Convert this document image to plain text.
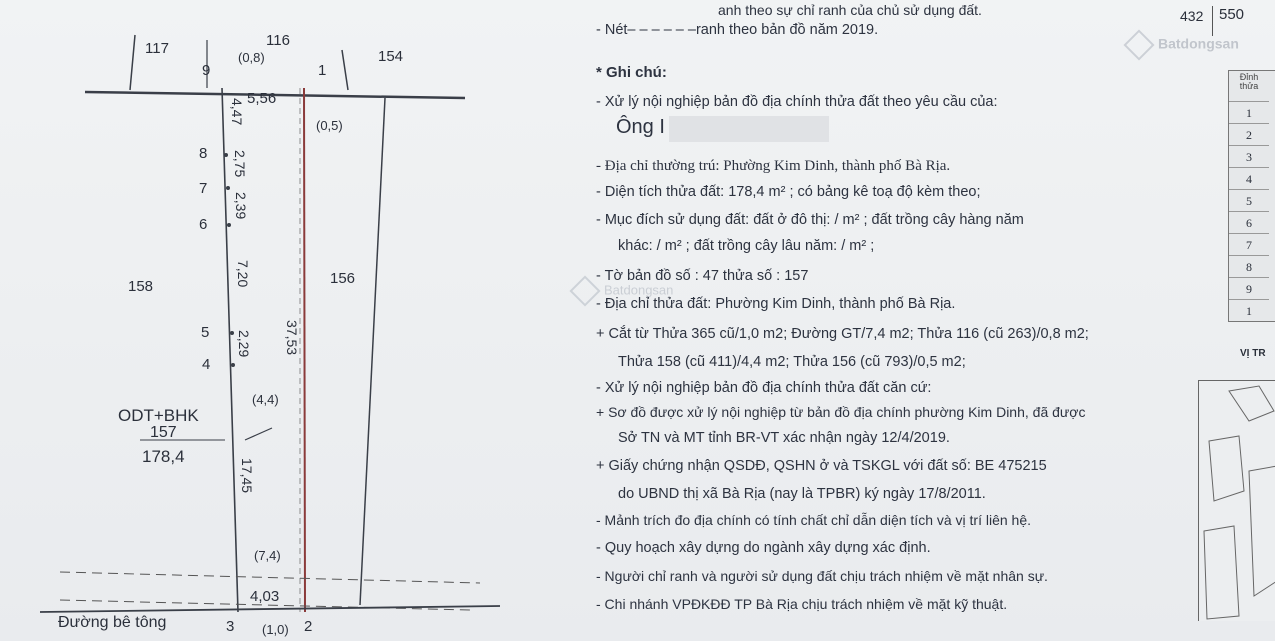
117	116
154
158	156
(0,8)
(0,5)
(4,4)
(7,4)
(1,0)
5,56
4,03
4,47
2,75
2,39
7,20
2,29
17,45
37,53
9	1
8
7
6
5
4
3	2
ODT+BHK
157
178,4
Đường bê tông
Batdongsan
anh theo sự chỉ ranh của chủ sử dụng đất.
- Nét– – – – – –ranh theo bản đồ năm 2019.
* Ghi chú:
- Xử lý nội nghiệp bản đồ địa chính thửa đất theo yêu cầu của:
Ông I
- Địa chỉ thường trú: Phường Kim Dinh, thành phố Bà Rịa.
- Diện tích thửa đất: 178,4 m² ; có bảng kê toạ độ kèm theo;
- Mục đích sử dụng đất: đất ở đô thị: / m² ; đất trồng cây hàng năm
khác: / m² ; đất trồng cây lâu năm: / m² ;
- Tờ bản đồ số : 47 thửa số : 157
- Địa chỉ thửa đất: Phường Kim Dinh, thành phố Bà Rịa.
+ Cắt từ Thửa 365 cũ/1,0 m2; Đường GT/7,4 m2; Thửa 116 (cũ 263)/0,8 m2;
Thửa 158 (cũ 411)/4,4 m2; Thửa 156 (cũ 793)/0,5 m2;
- Xử lý nội nghiệp bản đồ địa chính thửa đất căn cứ:
+ Sơ đồ được xử lý nội nghiệp từ bản đồ địa chính phường Kim Dinh, đã được
Sở TN và MT tỉnh BR-VT xác nhận ngày 12/4/2019.
+ Giấy chứng nhận QSDĐ, QSHN ở và TSKGL với đất số: BE 475215
do UBND thị xã Bà Rịa (nay là TPBR) ký ngày 17/8/2011.
- Mảnh trích đo địa chính có tính chất chỉ dẫn diện tích và vị trí liên hệ.
- Quy hoạch xây dựng do ngành xây dựng xác định.
- Người chỉ ranh và người sử dụng đất chịu trách nhiệm về mặt nhân sự.
- Chi nhánh VPĐKĐĐ TP Bà Rịa chịu trách nhiệm về mặt kỹ thuật.
432	550
Batdongsan
Đỉnh thửa
1
2
3
4
5
6
7
8
9
1
VỊ TR
